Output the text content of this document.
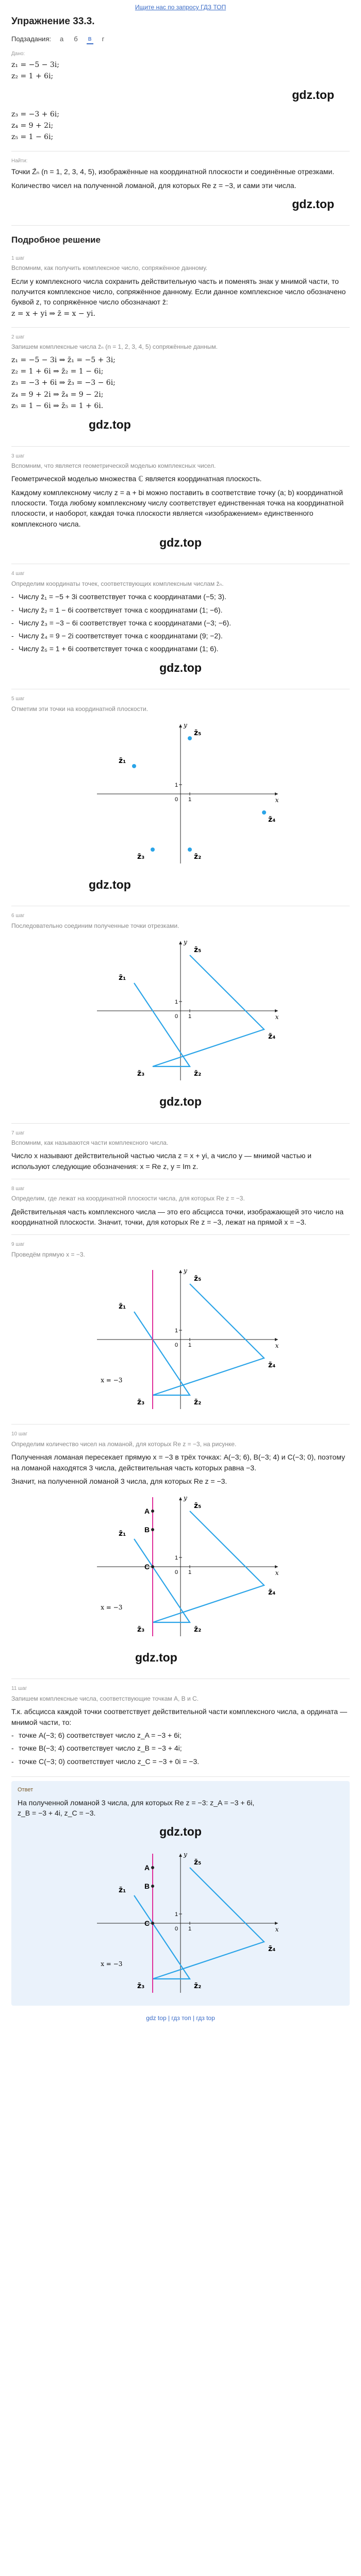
Ищите нас по запросу ГДЗ ТОП
Упражнение 33.3.
Подзадания: а б в г
Дано:
z₁ = −5 − 3i;
z₂ = 1 + 6i;
gdz.top
z₃ = −3 + 6i;
z₄ = 9 + 2i;
z₅ = 1 − 6i;
Найти:

Точки Z̄ₙ (n = 1, 2, 3, 4, 5), изображённые на координатной плоскости и соединённые отрезками.

Количество чисел на полученной ломаной, для которых Re z = −3, и сами эти числа.

gdz.top
Подробное решение
1 шаг
Вспомним, как получить комплексное число, сопряжённое данному.

Если у комплексного числа сохранить действительную часть и поменять знак у мнимой части, то получится комплексное число, сопряжённое данному. Если данное комплексное число обозначено буквой z, то сопряжённое число обозначают z̄:

z = x + yi ⇒ z̄ = x − yi.
2 шаг
Запишем комплексные числа z̄ₙ (n = 1, 2, 3, 4, 5) сопряжённые данным.
z₁ = −5 − 3i ⇒ z̄₁ = −5 + 3i;
z₂ = 1 + 6i ⇒ z̄₂ = 1 − 6i;
z₃ = −3 + 6i ⇒ z̄₃ = −3 − 6i;
z₄ = 9 + 2i ⇒ z̄₄ = 9 − 2i;
z₅ = 1 − 6i ⇒ z̄₅ = 1 + 6i.
gdz.top
3 шаг
Вспомним, что является геометрической моделью комплексных чисел.

Геометрической моделью множества ℂ является координатная плоскость.

Каждому комплексному числу z = a + bi можно поставить в соответствие точку (a; b) координатной плоскости. Тогда любому комплексному числу соответствует единственная точка на координатной плоскости, и наоборот, каждая точка плоскости является «изображением» единственного комплексного числа.

gdz.top
4 шаг
Определим координаты точек, соответствующих комплексным числам z̄ₙ.
- Числу z̄₁ = −5 + 3i соответствует точка с координатами (−5; 3).
- Числу z̄₂ = 1 − 6i соответствует точка с координатами (1; −6).
- Числу z̄₃ = −3 − 6i соответствует точка с координатами (−3; −6).
- Числу z̄₄ = 9 − 2i соответствует точка с координатами (9; −2).
- Числу z̄₅ = 1 + 6i соответствует точка с координатами (1; 6).
gdz.top
5 шаг
Отметим эти точки на координатной плоскости.
x
y
0 1
1
z̄₁
z̄₂
z̄₃
z̄₄
z̄₅
gdz.top
6 шаг
Последовательно соединим полученные точки отрезками.
x
y
0 1
1
z̄₁
z̄₂
z̄₃
z̄₄
z̄₅
gdz.top
7 шаг
Вспомним, как называются части комплексного числа.

Число x называют действительной частью числа z = x + yi, а число y — мнимой частью и используют следующие обозначения: x = Re z, y = Im z.

8 шаг
Определим, где лежат на координатной плоскости числа, для которых Re z = −3.

Действительная часть комплексного числа — это его абсцисса точки, изображающей это число на координатной плоскости. Значит, точки, для которых Re z = −3, лежат на прямой x = −3.

9 шаг
Проведём прямую x = −3.
x
y
0 1
1
x = −3
z̄₁
z̄₂
z̄₃
z̄₄
z̄₅
10 шаг
Определим количество чисел на ломаной, для которых Re z = −3, на рисунке.

Полученная ломаная пересекает прямую x = −3 в трёх точках: A(−3; 6), B(−3; 4) и C(−3; 0), поэтому на ломаной находятся 3 числа, действительная часть которых равна −3.

Значит, на полученной ломаной 3 числа, для которых Re z = −3.

x
y
0 1
1
x = −3
A
B
C
z̄₁
z̄₂
z̄₃
z̄₄
z̄₅
gdz.top
11 шаг
Запишем комплексные числа, соответствующие точкам A, B и C.

Т.к. абсцисса каждой точки соответствует действительной части комплексного числа, а ордината — мнимой части, то:

- точке A(−3; 6) соответствует число z_A = −3 + 6i;
- точке B(−3; 4) соответствует число z_B = −3 + 4i;
- точке C(−3; 0) соответствует число z_C = −3 + 0i = −3.
Ответ

На полученной ломаной 3 числа, для которых Re z = −3: z_A = −3 + 6i,

z_B = −3 + 4i, z_C = −3.

gdz.top
x
y
0 1
1
x = −3
A
B
C
z̄₁
z̄₂
z̄₃
z̄₄
z̄₅
gdz top | гдз топ | гдз top
